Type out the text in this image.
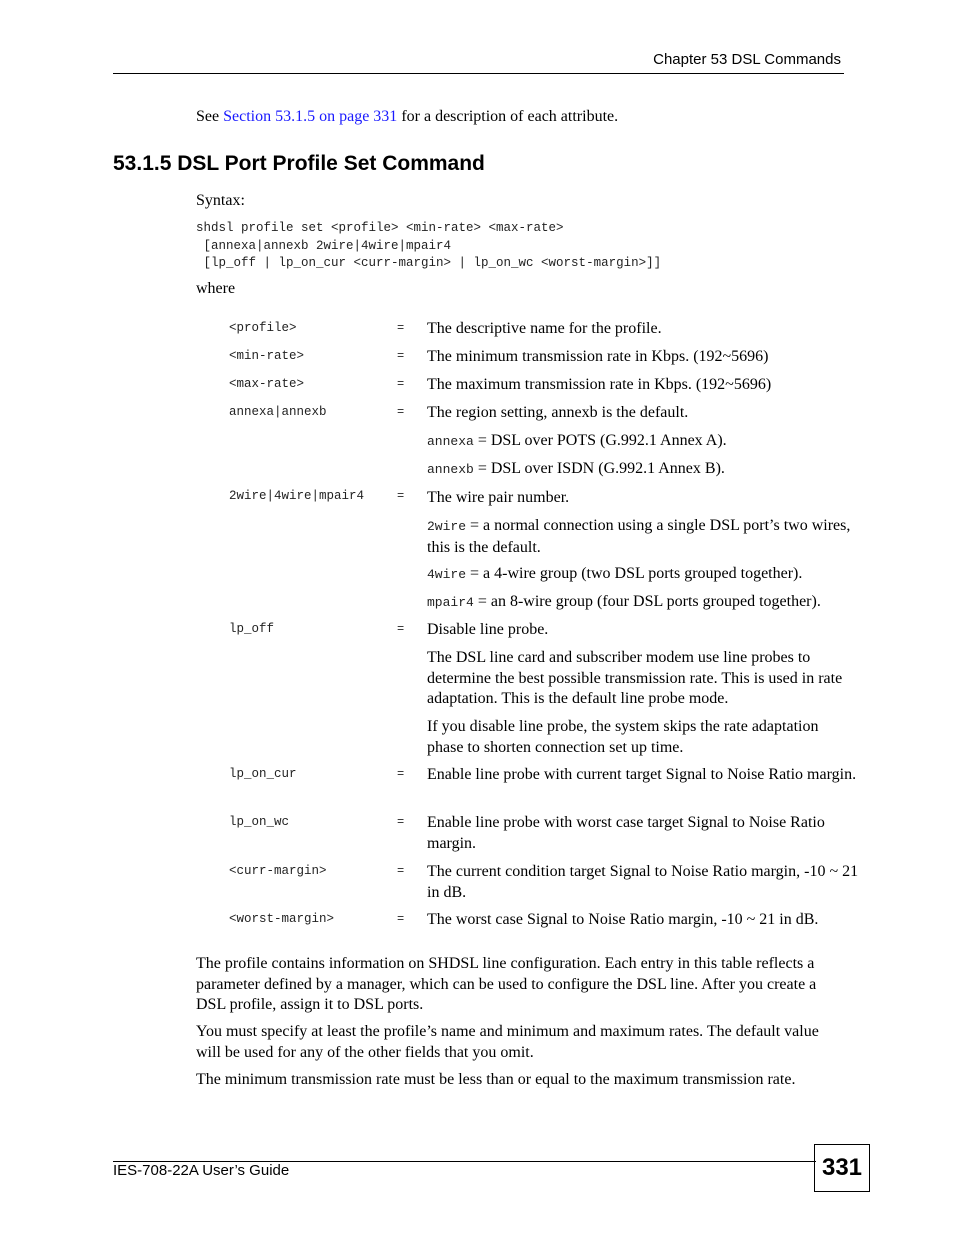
Chapter 53 DSL Commands
See Section 53.1.5 on page 331 for a description of each attribute.
53.1.5 DSL Port Profile Set Command
Syntax:
shdsl profile set <profile> <min-rate> <max-rate>
[annexa|annexb 2wire|4wire|mpair4
[lp_off | lp_on_cur <curr-margin> | lp_on_wc <worst-margin>]]
where
<profile>	= The descriptive name for the profile.
<min-rate>	= The minimum transmission rate in Kbps. (192~5696)
<max-rate>	= The maximum transmission rate in Kbps. (192~5696)
annexa|annexb	= The region setting, annexb is the default.
annexa = DSL over POTS (G.992.1 Annex A).
annexb = DSL over ISDN (G.992.1 Annex B).
2wire|4wire|mpair4	= The wire pair number.
2wire = a normal connection using a single DSL port’s two wires, this is the default.
4wire = a 4-wire group (two DSL ports grouped together).
mpair4 = an 8-wire group (four DSL ports grouped together).
lp_off	= Disable line probe.
The DSL line card and subscriber modem use line probes to determine the best possible transmission rate. This is used in rate adaptation. This is the default line probe mode.
If you disable line probe, the system skips the rate adaptation phase to shorten connection set up time.
lp_on_cur	= Enable line probe with current target Signal to Noise Ratio margin.
lp_on_wc	= Enable line probe with worst case target Signal to Noise Ratio margin.
<curr-margin>	= The current condition target Signal to Noise Ratio margin, -10 ~ 21 in dB.
<worst-margin>	= The worst case Signal to Noise Ratio margin, -10 ~ 21 in dB.
The profile contains information on SHDSL line configuration. Each entry in this table reflects a parameter defined by a manager, which can be used to configure the DSL line. After you create a DSL profile, assign it to DSL ports.
You must specify at least the profile’s name and minimum and maximum rates. The default value will be used for any of the other fields that you omit.
The minimum transmission rate must be less than or equal to the maximum transmission rate.
IES-708-22A User’s Guide	331
